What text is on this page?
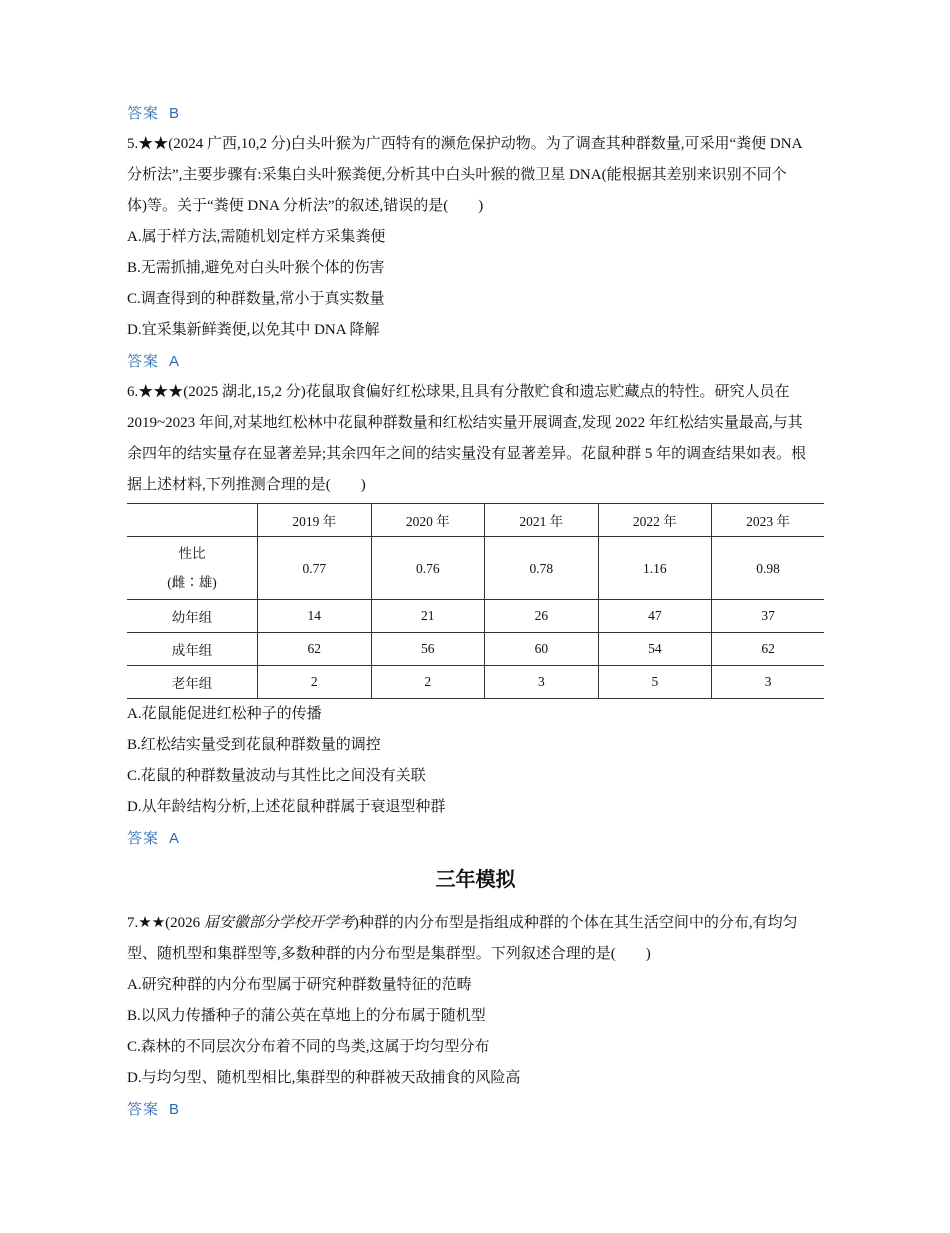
答案 B
5.★★(2024 广西,10,2 分)白头叶猴为广西特有的濒危保护动物。为了调查其种群数量,可采用“粪便 DNA
分析法”,主要步骤有:采集白头叶猴粪便,分析其中白头叶猴的微卫星 DNA(能根据其差别来识别不同个
体)等。关于“粪便 DNA 分析法”的叙述,错误的是(　　)
A.属于样方法,需随机划定样方采集粪便
B.无需抓捕,避免对白头叶猴个体的伤害
C.调查得到的种群数量,常小于真实数量
D.宜采集新鲜粪便,以免其中 DNA 降解
答案 A
6.★★★(2025 湖北,15,2 分)花鼠取食偏好红松球果,且具有分散贮食和遗忘贮藏点的特性。研究人员在
2019~2023 年间,对某地红松林中花鼠种群数量和红松结实量开展调查,发现 2022 年红松结实量最高,与其
余四年的结实量存在显著差异;其余四年之间的结实量没有显著差异。花鼠种群 5 年的调查结果如表。根
据上述材料,下列推测合理的是(　　)
	2019 年	2020 年	2021 年	2022 年	2023 年

性比
(雌∶雄)	0.77	0.76	0.78	1.16	0.98
幼年组	14	21	26	47	37
成年组	62	56	60	54	62
老年组	2	2	3	5	3
A.花鼠能促进红松种子的传播
B.红松结实量受到花鼠种群数量的调控
C.花鼠的种群数量波动与其性比之间没有关联
D.从年龄结构分析,上述花鼠种群属于衰退型种群
答案 A
三年模拟
7.★★(2026 届安徽部分学校开学考)种群的内分布型是指组成种群的个体在其生活空间中的分布,有均匀
型、随机型和集群型等,多数种群的内分布型是集群型。下列叙述合理的是(　　)
A.研究种群的内分布型属于研究种群数量特征的范畴
B.以风力传播种子的蒲公英在草地上的分布属于随机型
C.森林的不同层次分布着不同的鸟类,这属于均匀型分布
D.与均匀型、随机型相比,集群型的种群被天敌捕食的风险高
答案 B
